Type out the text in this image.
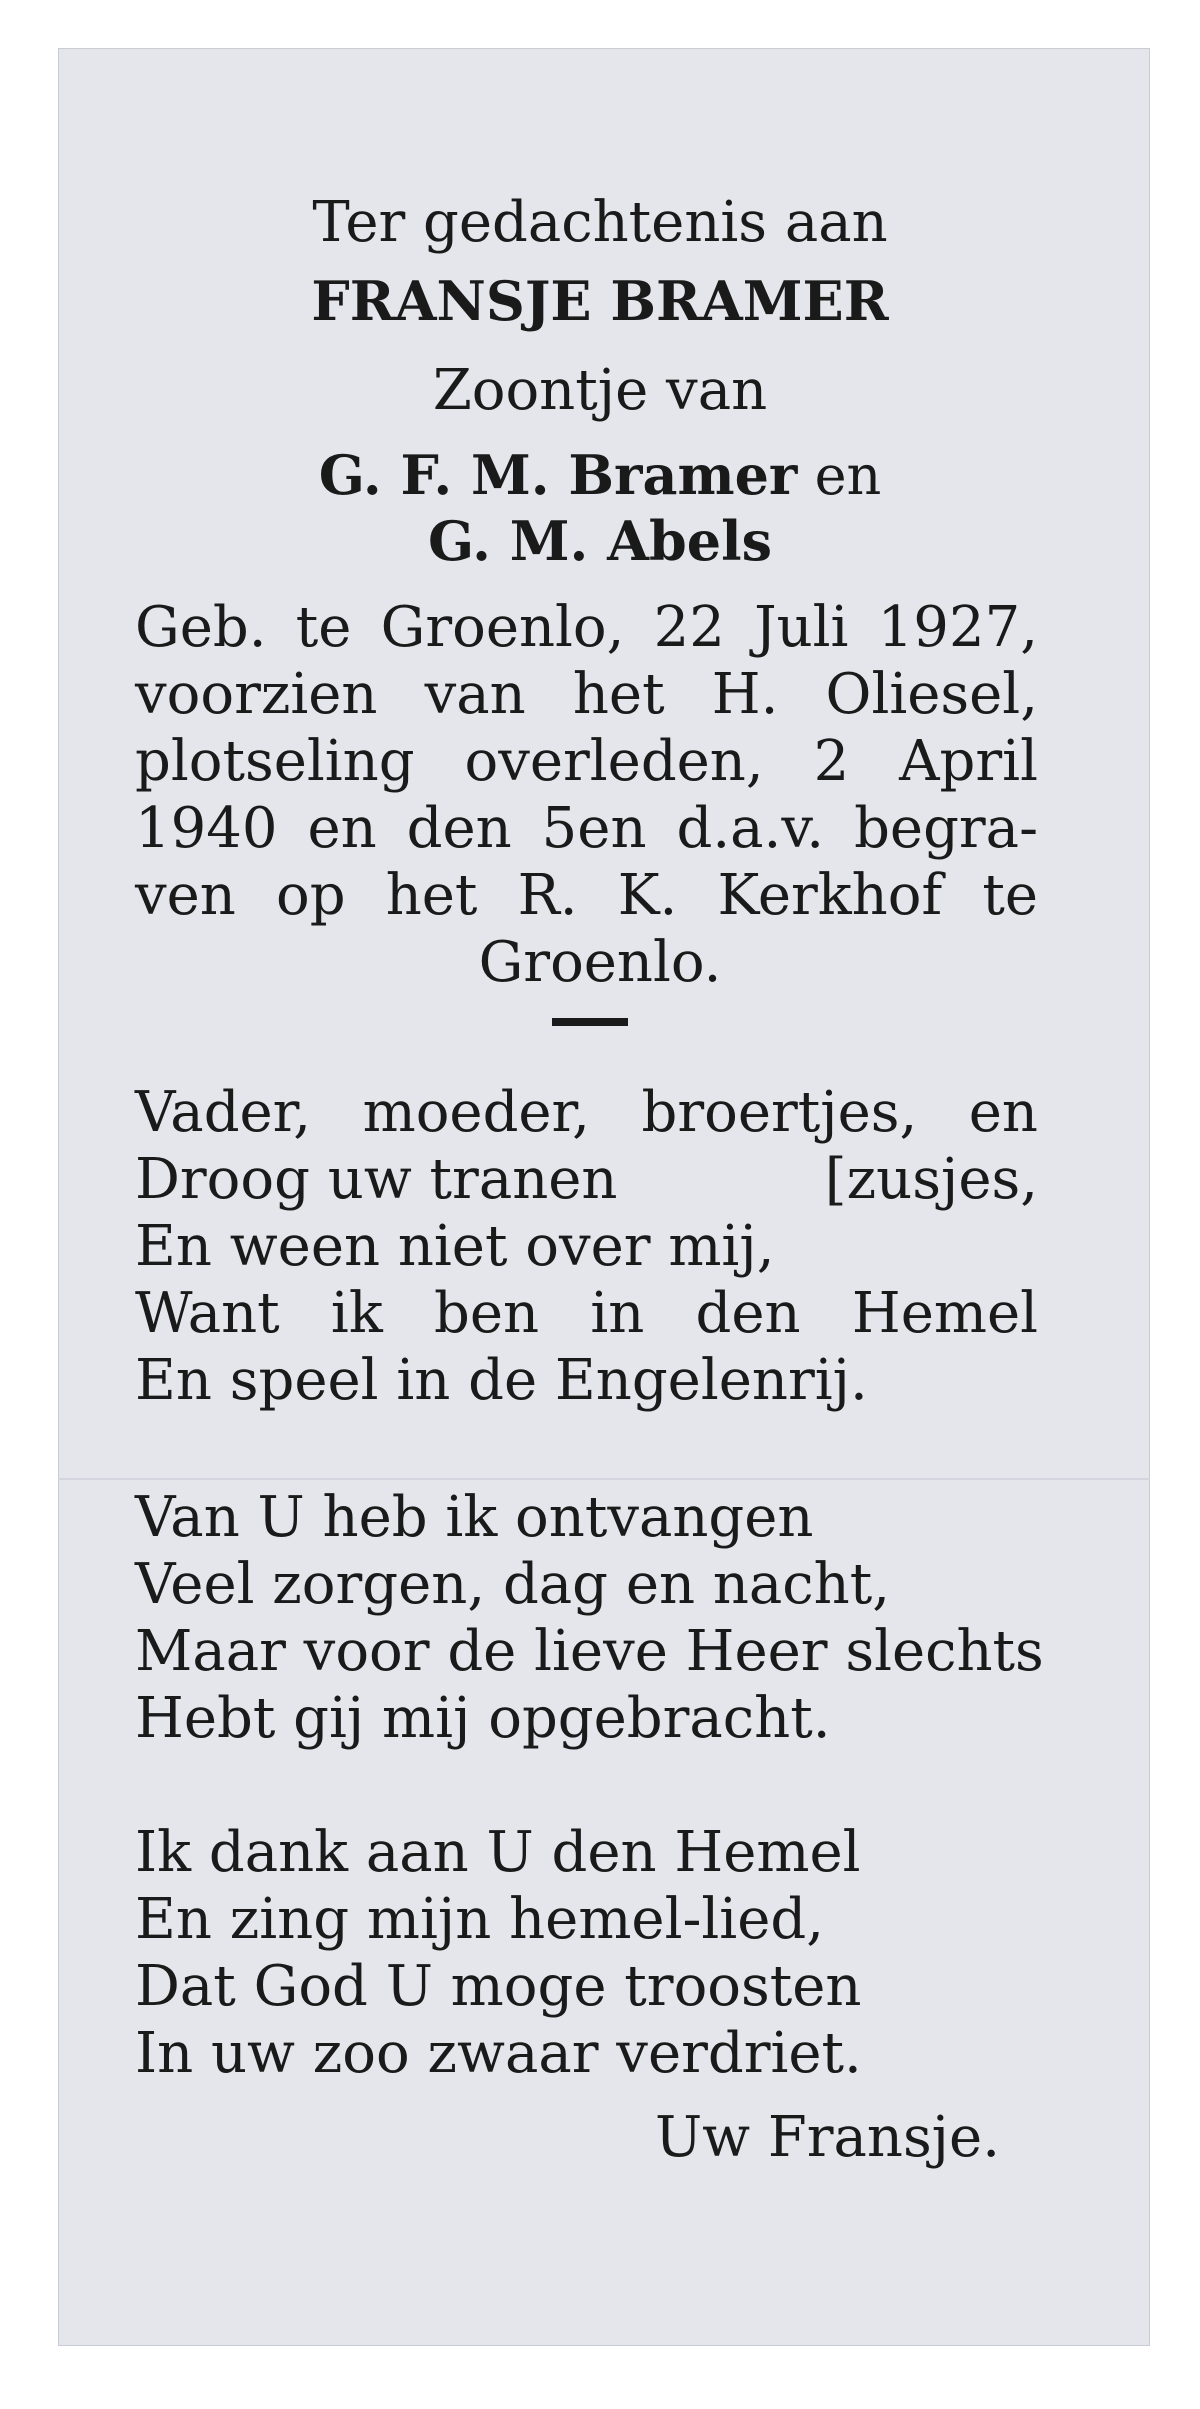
Ter gedachtenis aan
FRANSJE BRAMER
Zoontje van
G. F. M. Bramer en
G. M. Abels
Geb. te Groenlo, 22 Juli 1927,
voorzien van het H. Oliesel,
plotseling overleden, 2 April
1940 en den 5en d.a.v. begra-
ven op het R. K. Kerkhof te
Groenlo.
Vader, moeder, broertjes, en
Droog uw tranen	[zusjes,
En ween niet over mij,
Want ik ben in den Hemel
En speel in de Engelenrij.
Van U heb ik ontvangen
Veel zorgen, dag en nacht,
Maar voor de lieve Heer slechts
Hebt gij mij opgebracht.
Ik dank aan U den Hemel
En zing mijn hemel-lied,
Dat God U moge troosten
In uw zoo zwaar verdriet.
Uw Fransje.
